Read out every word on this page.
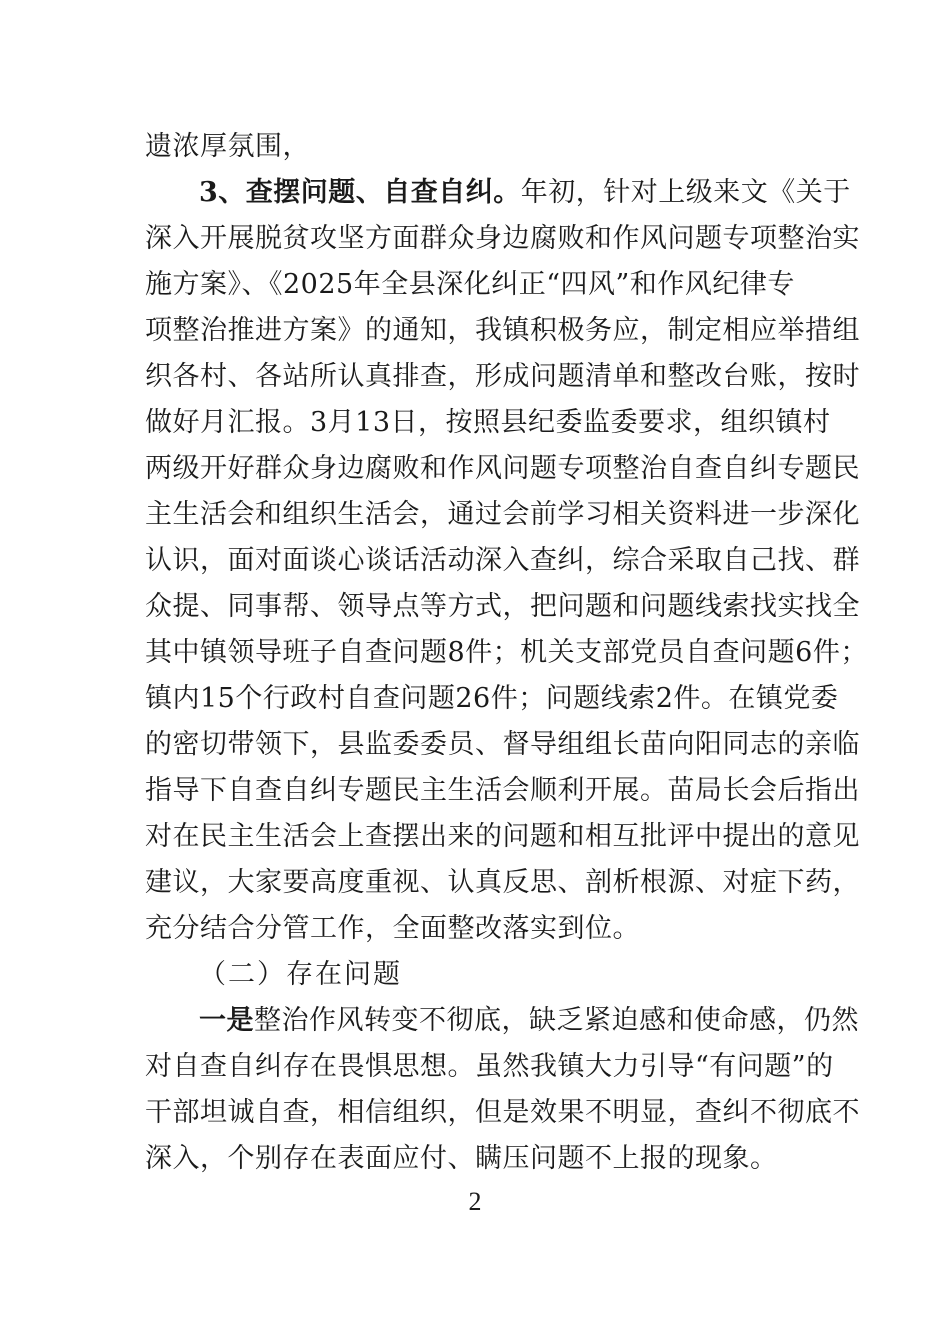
遗浓厚氛围，
3、查摆问题、自查自纠。年初，针对上级来文《关于
深入开展脱贫攻坚方面群众身边腐败和作风问题专项整治实
施方案》、《2025年全县深化纠正“四风”和作风纪律专
项整治推进方案》的通知，我镇积极务应，制定相应举措组
织各村、各站所认真排查，形成问题清单和整改台账，按时
做好月汇报。3月13日，按照县纪委监委要求，组织镇村
两级开好群众身边腐败和作风问题专项整治自查自纠专题民
主生活会和组织生活会，通过会前学习相关资料进一步深化
认识，面对面谈心谈话活动深入查纠，综合采取自己找、群
众提、同事帮、领导点等方式，把问题和问题线索找实找全
其中镇领导班子自查问题8件；机关支部党员自查问题6件；
镇内15个行政村自查问题26件；问题线索2件。在镇党委
的密切带领下，县监委委员、督导组组长苗向阳同志的亲临
指导下自查自纠专题民主生活会顺利开展。苗局长会后指出
对在民主生活会上查摆出来的问题和相互批评中提出的意见
建议，大家要高度重视、认真反思、剖析根源、对症下药，
充分结合分管工作，全面整改落实到位。
（二）存在问题
一是整治作风转变不彻底，缺乏紧迫感和使命感，仍然
对自查自纠存在畏惧思想。虽然我镇大力引导“有问题”的
干部坦诚自查，相信组织，但是效果不明显，查纠不彻底不
深入，个别存在表面应付、瞒压问题不上报的现象。
2
